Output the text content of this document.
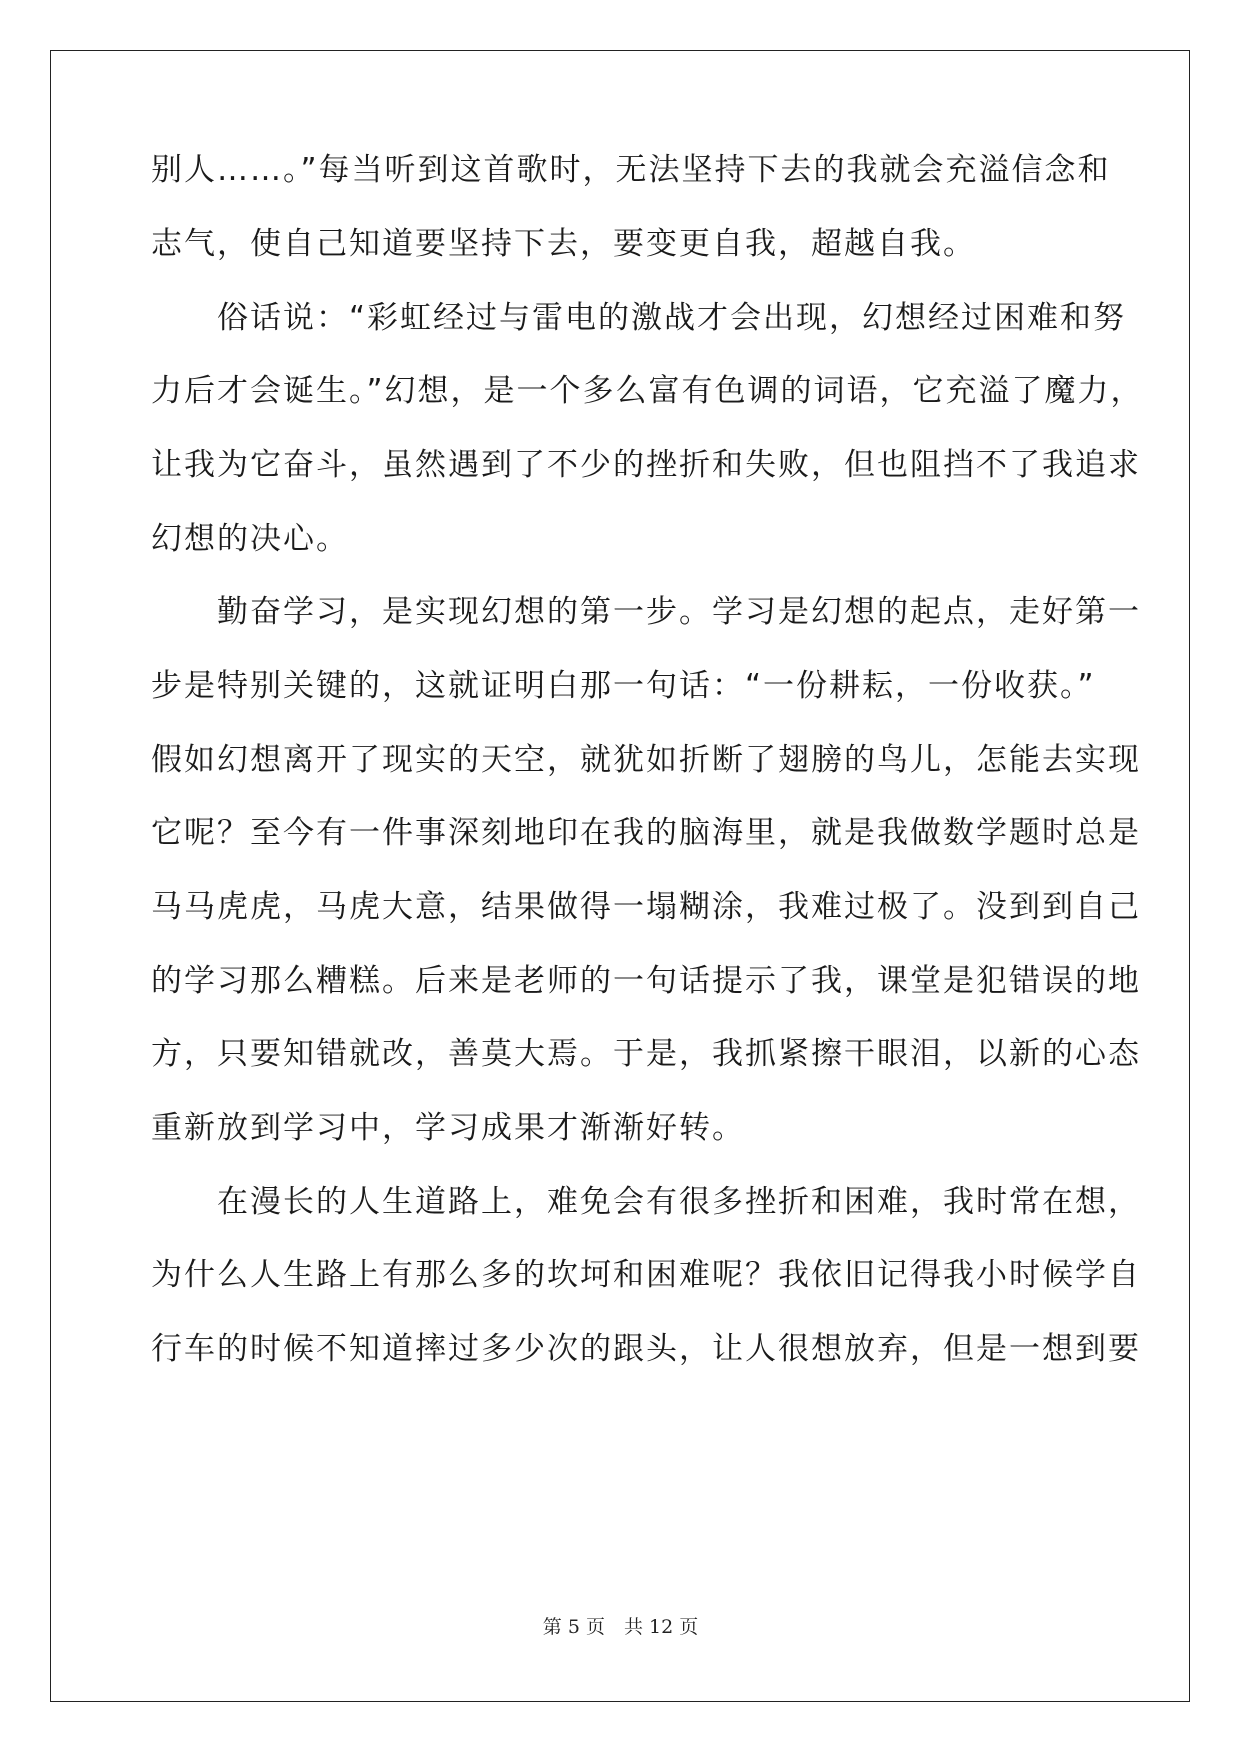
别人……。”每当听到这首歌时，无法坚持下去的我就会充溢信念和
志气，使自己知道要坚持下去，要变更自我，超越自我。
　　俗话说：“彩虹经过与雷电的激战才会出现，幻想经过困难和努
力后才会诞生。”幻想，是一个多么富有色调的词语，它充溢了魔力，
让我为它奋斗，虽然遇到了不少的挫折和失败，但也阻挡不了我追求
幻想的决心。
　　勤奋学习，是实现幻想的第一步。学习是幻想的起点，走好第一
步是特别关键的，这就证明白那一句话：“一份耕耘，一份收获。”
假如幻想离开了现实的天空，就犹如折断了翅膀的鸟儿，怎能去实现
它呢？至今有一件事深刻地印在我的脑海里，就是我做数学题时总是
马马虎虎，马虎大意，结果做得一塌糊涂，我难过极了。没到到自己
的学习那么糟糕。后来是老师的一句话提示了我，课堂是犯错误的地
方，只要知错就改，善莫大焉。于是，我抓紧擦干眼泪，以新的心态
重新放到学习中，学习成果才渐渐好转。
　　在漫长的人生道路上，难免会有很多挫折和困难，我时常在想，
为什么人生路上有那么多的坎坷和困难呢？我依旧记得我小时候学自
行车的时候不知道摔过多少次的跟头，让人很想放弃，但是一想到要
第 5 页　共 12 页
